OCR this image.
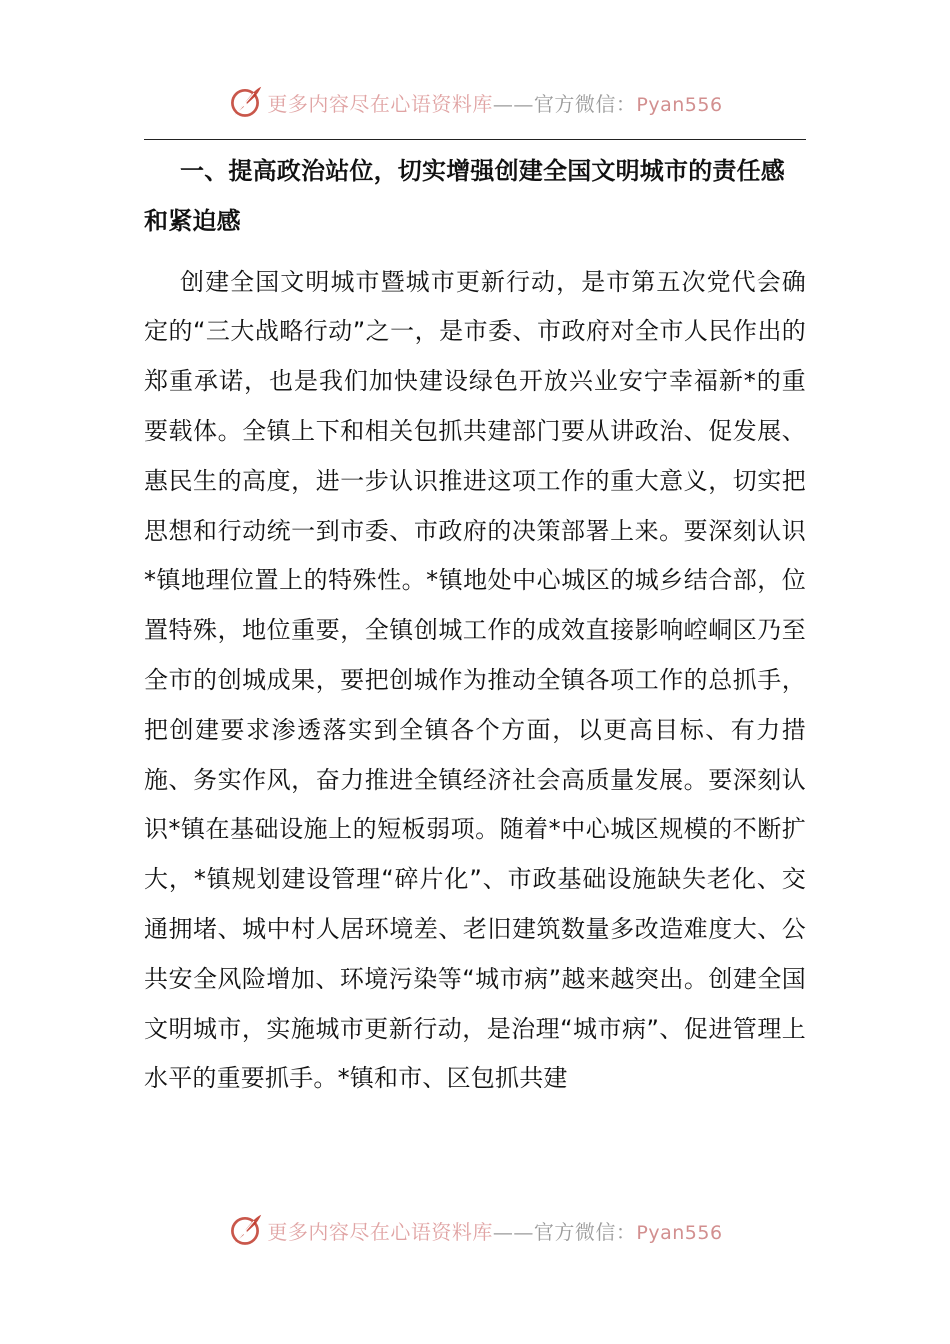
更多内容尽在心语资料库——官方微信：Pyan556

一、提高政治站位，切实增强创建全国文明城市的责任感和紧迫感

创建全国文明城市暨城市更新行动，是市第五次党代会确定的“三大战略行动”之一，是市委、市政府对全市人民作出的郑重承诺，也是我们加快建设绿色开放兴业安宁幸福新*的重要载体。全镇上下和相关包抓共建部门要从讲政治、促发展、惠民生的高度，进一步认识推进这项工作的重大意义，切实把思想和行动统一到市委、市政府的决策部署上来。要深刻认识*镇地理位置上的特殊性。*镇地处中心城区的城乡结合部，位置特殊，地位重要，全镇创城工作的成效直接影响崆峒区乃至全市的创城成果，要把创城作为推动全镇各项工作的总抓手，把创建要求渗透落实到全镇各个方面，以更高目标、有力措施、务实作风，奋力推进全镇经济社会高质量发展。要深刻认识*镇在基础设施上的短板弱项。随着*中心城区规模的不断扩大，*镇规划建设管理“碎片化”、市政基础设施缺失老化、交通拥堵、城中村人居环境差、老旧建筑数量多改造难度大、公共安全风险增加、环境污染等“城市病”越来越突出。创建全国文明城市，实施城市更新行动，是治理“城市病”、促进管理上水平的重要抓手。*镇和市、区包抓共建

更多内容尽在心语资料库——官方微信：Pyan556
